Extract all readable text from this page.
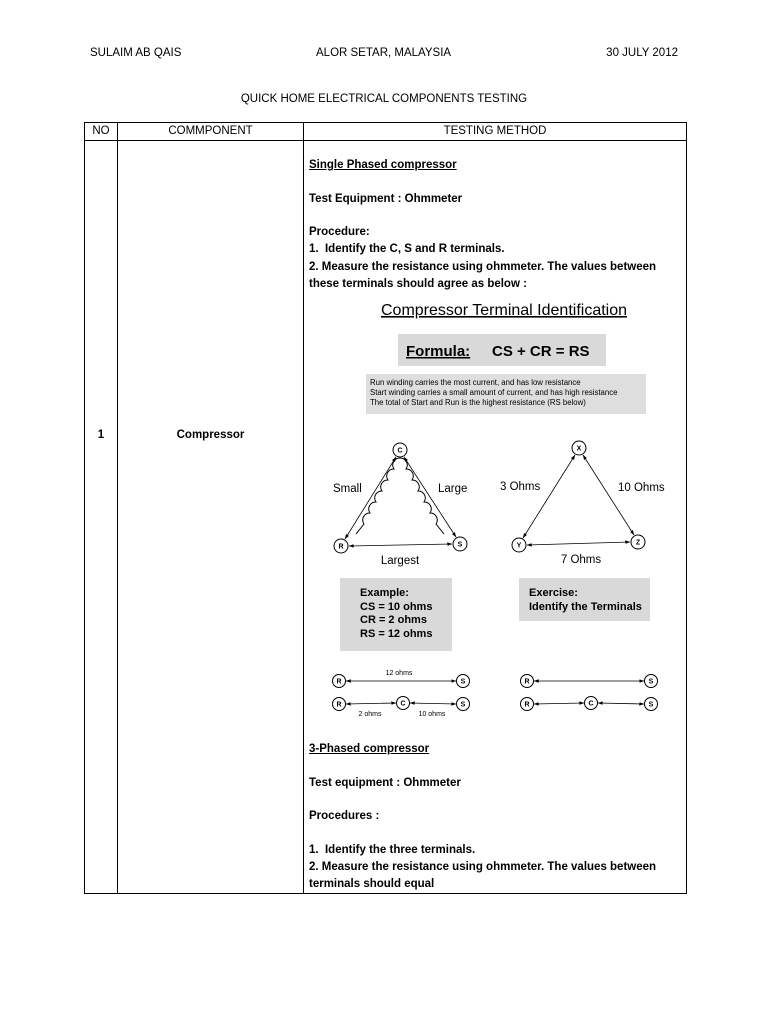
SULAIM AB QAIS	ALOR SETAR, MALAYSIA	30 JULY 2012
QUICK HOME ELECTRICAL COMPONENTS TESTING
NO	COMMPONENT	TESTING METHOD
1	Compressor
Single Phased compressor
Test Equipment : Ohmmeter
Procedure:
1.  Identify the C, S and R terminals.
2. Measure the resistance using ohmmeter. The values between
these terminals should agree as below :
Compressor Terminal Identification
Formula: CS + CR = RS
Run winding carries the most current, and has low resistance
Start winding carries a small amount of current, and has high resistance
The total of Start and Run is the highest resistance (RS below)
C
R	S
Small	Large
Largest
X
Y	Z
3 Ohms	10 Ohms
7 Ohms
Example:
CS = 10 ohms
CR = 2 ohms
RS = 12 ohms
Exercise:
Identify the Terminals
12 ohms
R	S
2 ohms	10 ohms
R	C	S
R	S
R	C	S
3-Phased compressor
Test equipment : Ohmmeter
Procedures :
1.  Identify the three terminals.
2. Measure the resistance using ohmmeter. The values between
terminals should equal
